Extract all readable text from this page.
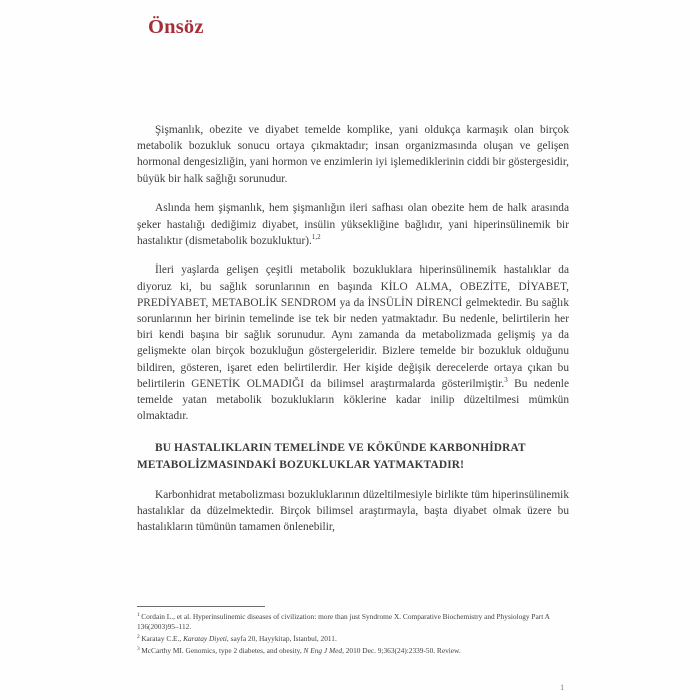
Önsöz

Şişmanlık, obezite ve diyabet temelde komplike, yani oldukça karmaşık olan birçok metabolik bozukluk sonucu ortaya çıkmaktadır; insan organizmasında oluşan ve gelişen hormonal dengesizliğin, yani hormon ve enzimlerin iyi işlemediklerinin ciddi bir göstergesidir, büyük bir halk sağlığı sorunudur.

Aslında hem şişmanlık, hem şişmanlığın ileri safhası olan obezite hem de halk arasında şeker hastalığı dediğimiz diyabet, insülin yüksekliğine bağlıdır, yani hiperinsülinemik bir hastalıktır (dismetabolik bozukluktur).$^{1,2}$

İleri yaşlarda gelişen çeşitli metabolik bozukluklara hiperinsülinemik hastalıklar da diyoruz ki, bu sağlık sorunlarının en başında KİLO ALMA, OBEZİTE, DİYABET, PREDİYABET, METABOLİK SENDROM ya da İNSÜLİN DİRENCİ gelmektedir. Bu sağlık sorunlarının her birinin temelinde ise tek bir neden yatmaktadır. Bu nedenle, belirtilerin her biri kendi başına bir sağlık sorunudur. Aynı zamanda da metabolizmada gelişmiş ya da gelişmekte olan birçok bozukluğun göstergeleridir. Bizlere temelde bir bozukluk olduğunu bildiren, gösteren, işaret eden belirtilerdir. Her kişide değişik derecelerde ortaya çıkan bu belirtilerin GENETİK OLMADIĞI da bilimsel araştırmalarda gösterilmiştir.$^3$ Bu nedenle temelde yatan metabolik bozuklukların köklerine kadar inilip düzeltilmesi mümkün olmaktadır.

BU HASTALIKLARIN TEMELİNDE VE KÖKÜNDE KARBONHİDRAT METABOLİZMASINDAKİ BOZUKLUKLAR YATMAKTADIR!

Karbonhidrat metabolizması bozukluklarının düzeltilmesiyle birlikte tüm hiperinsülinemik hastalıklar da düzelmektedir. Birçok bilimsel araştırmayla, başta diyabet olmak üzere bu hastalıkların tümünün tamamen önlenebilir,

$^1$ Cordain L., et al. Hyperinsulinemic diseases of civilization: more than just Syndrome X. Comparative Biochemistry and Physiology Part A 136(2003)95–112.

$^2$ Karatay C.E., Karatay Diyeti, sayfa 20, Hayykitap, İstanbul, 2011.

$^3$ McCarthy MI. Genomics, type 2 diabetes, and obesity, N Eng J Med, 2010 Dec. 9;363(24):2339-50. Review.

1
